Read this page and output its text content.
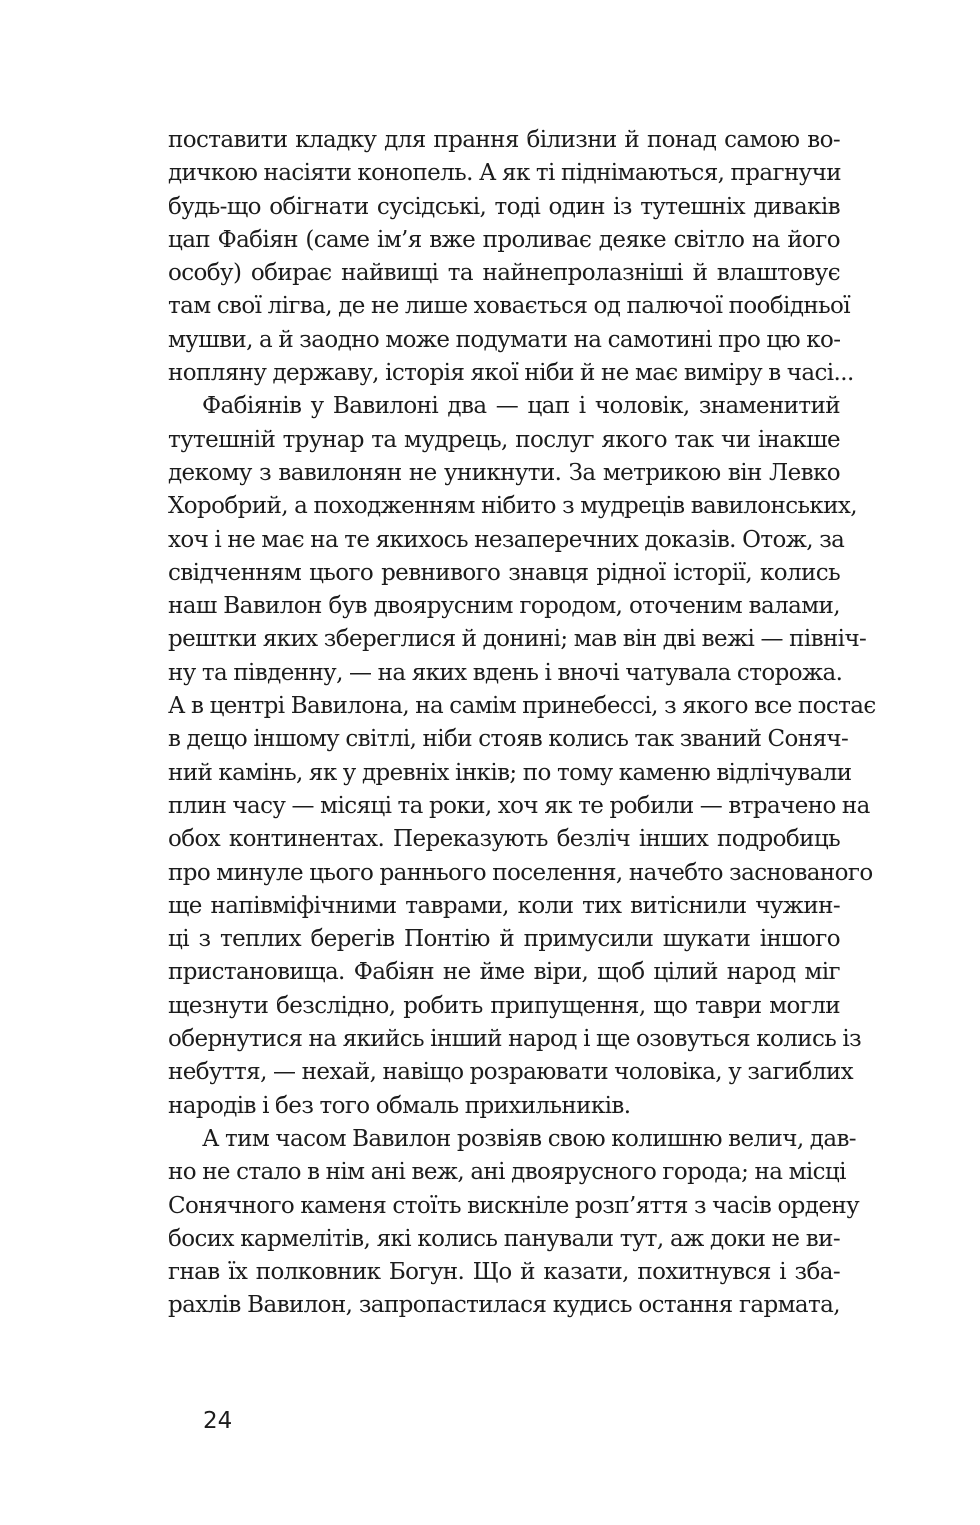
поставити кладку для прання білизни й понад самою во-
дичкою насіяти конопель. А як ті піднімаються, прагнучи
будь-що обігнати сусідські, тоді один із тутешніх диваків
цап Фабіян (саме ім’я вже проливає деяке світло на його
особу) обирає найвищі та найнепролазніші й влаштовує
там свої лігва, де не лише ховається од палючої пообідньої
мушви, а й заодно може подумати на самотині про цю ко-
нопляну державу, історія якої ніби й не має виміру в часі...
Фабіянів у Вавилоні два — цап і чоловік, знаменитий
тутешній трунар та мудрець, послуг якого так чи інакше
декому з вавилонян не уникнути. За метрикою він Левко
Хоробрий, а походженням нібито з мудреців вавилонських,
хоч і не має на те якихось незаперечних доказів. Отож, за
свідченням цього ревнивого знавця рідної історії, колись
наш Вавилон був двоярусним городом, оточеним валами,
рештки яких збереглися й донині; мав він дві вежі — північ-
ну та південну, — на яких вдень і вночі чатувала сторожа.
А в центрі Вавилона, на самім принебессі, з якого все постає
в дещо іншому світлі, ніби стояв колись так званий Соняч-
ний камінь, як у древніх інків; по тому каменю відлічували
плин часу — місяці та роки, хоч як те робили — втрачено на
обох континентах. Переказують безліч інших подробиць
про минуле цього раннього поселення, начебто заснованого
ще напівміфічними таврами, коли тих витіснили чужин-
ці з теплих берегів Понтію й примусили шукати іншого
пристановища. Фабіян не йме віри, щоб цілий народ міг
щезнути безслідно, робить припущення, що таври могли
обернутися на якийсь інший народ і ще озовуться колись із
небуття, — нехай, навіщо розраювати чоловіка, у загиблих
народів і без того обмаль прихильників.
А тим часом Вавилон розвіяв свою колишню велич, дав-
но не стало в нім ані веж, ані двоярусного города; на місці
Сонячного каменя стоїть вискніле розп’яття з часів ордену
босих кармелітів, які колись панували тут, аж доки не ви-
гнав їх полковник Богун. Що й казати, похитнувся і зба-
рахлів Вавилон, запропастилася кудись остання гармата,
24
